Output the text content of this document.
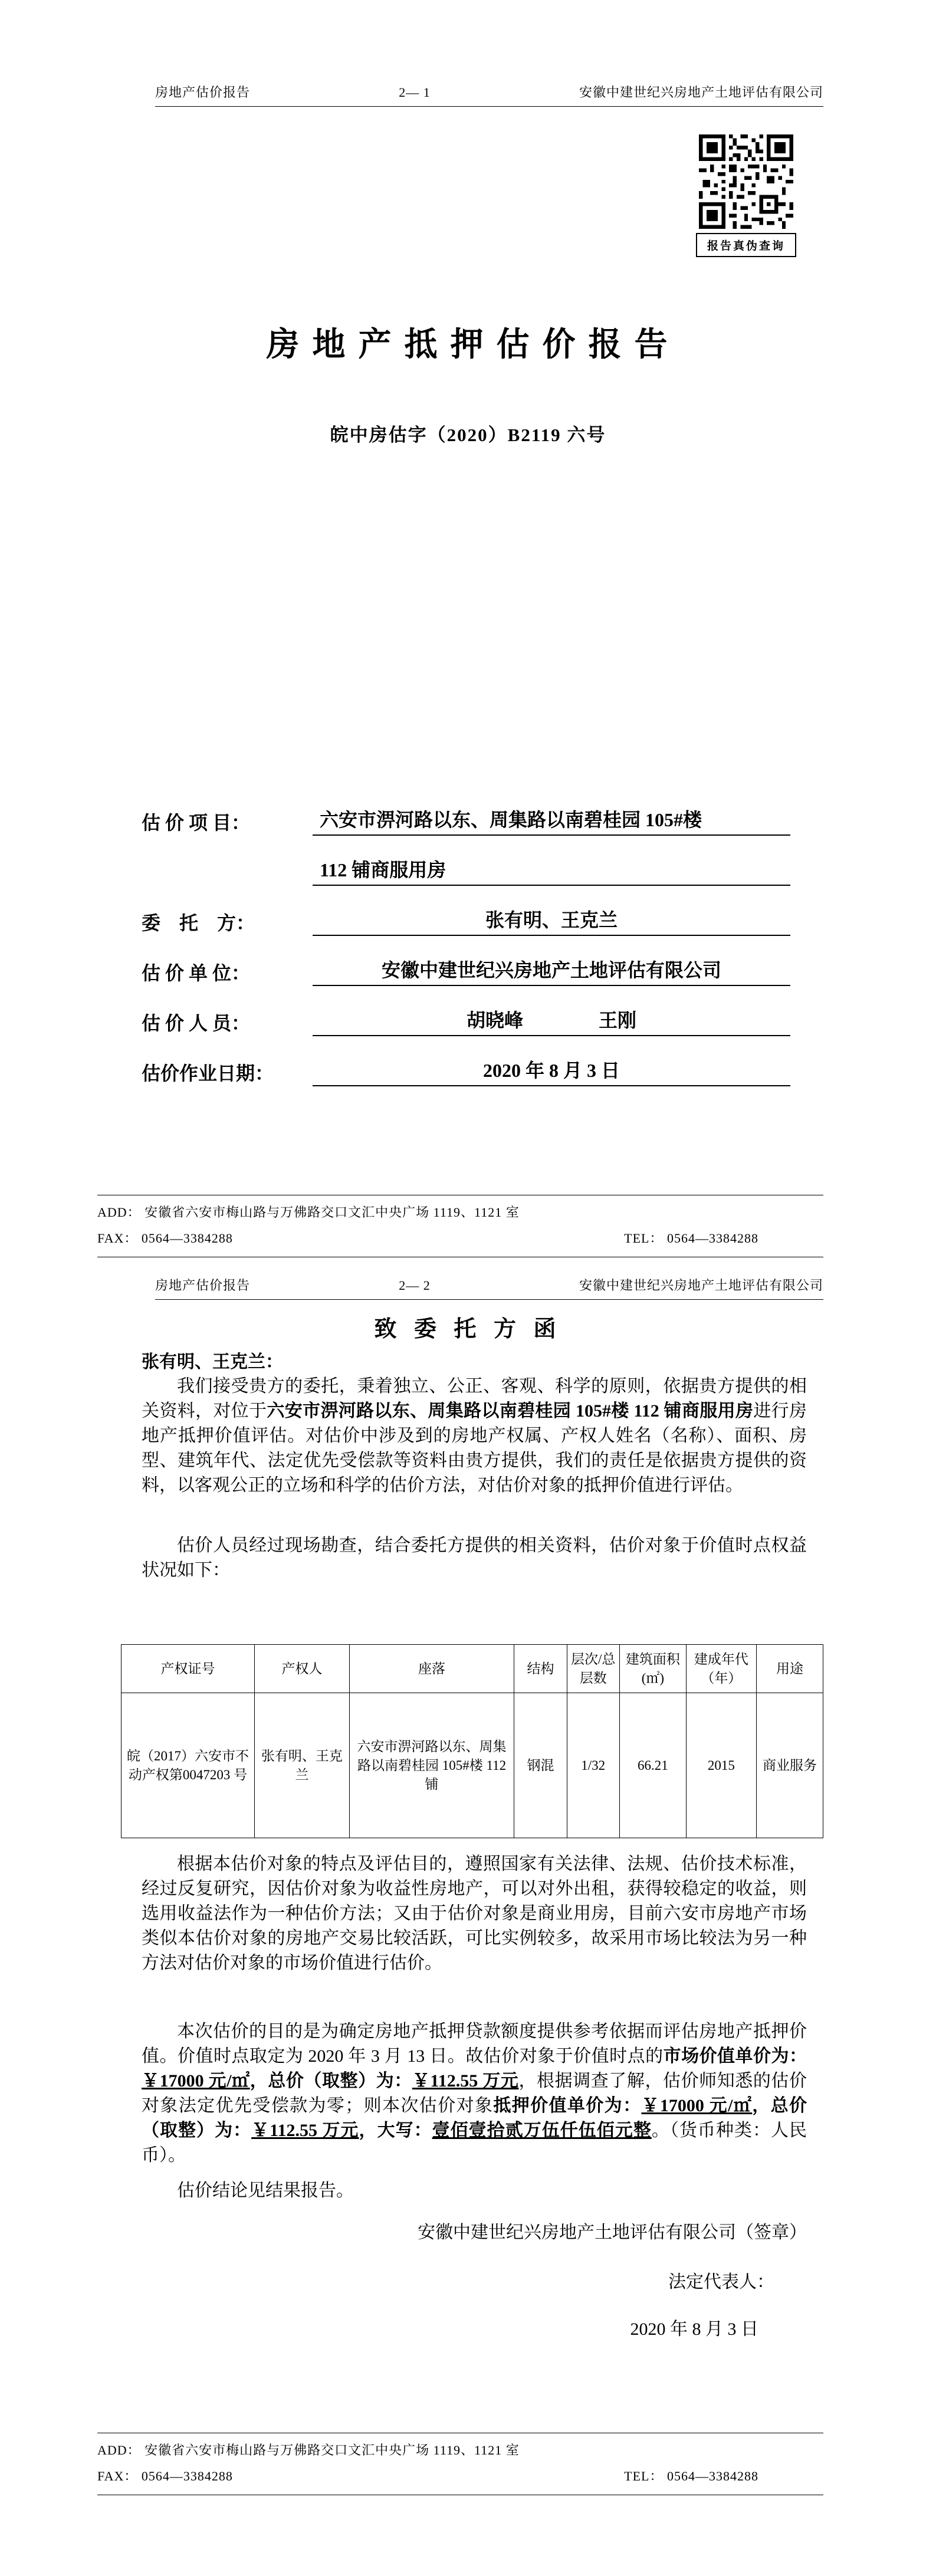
房地产估价报告	2— 1	安徽中建世纪兴房地产土地评估有限公司
报告真伪查询
房 地 产 抵 押 估 价 报 告
皖中房估字（2020）B2119 六号
估 价 项 目：	六安市淠河路以东、周集路以南碧桂园 105#楼
112 铺商服用房
委    托    方：	张有明、王克兰
估 价 单 位：	安徽中建世纪兴房地产土地评估有限公司
估 价 人 员：	胡晓峰　　　　王刚
估价作业日期：	2020 年 8 月 3 日
ADD： 安徽省六安市梅山路与万佛路交口文汇中央广场 1119、1121 室
FAX： 0564—3384288	TEL： 0564—3384288
房地产估价报告	2— 2	安徽中建世纪兴房地产土地评估有限公司
致 委 托 方 函
张有明、王克兰：

我们接受贵方的委托，秉着独立、公正、客观、科学的原则，依据贵方提供的相关资料，对位于六安市淠河路以东、周集路以南碧桂园 105#楼 112 铺商服用房进行房地产抵押价值评估。对估价中涉及到的房地产权属、产权人姓名（名称）、面积、房型、建筑年代、法定优先受偿款等资料由贵方提供，我们的责任是依据贵方提供的资料，以客观公正的立场和科学的估价方法，对估价对象的抵押价值进行评估。

估价人员经过现场勘查，结合委托方提供的相关资料，估价对象于价值时点权益状况如下：

产权证号	产权人	座落	结构	层次/总层数	建筑面积(㎡)	建成年代（年）	用途
皖（2017）六安市不动产权第0047203 号	张有明、王克兰	六安市淠河路以东、周集路以南碧桂园 105#楼 112 铺	钢混	1/32	66.21	2015	商业服务

根据本估价对象的特点及评估目的，遵照国家有关法律、法规、估价技术标准，经过反复研究，因估价对象为收益性房地产，可以对外出租，获得较稳定的收益，则选用收益法作为一种估价方法；又由于估价对象是商业用房，目前六安市房地产市场类似本估价对象的房地产交易比较活跃，可比实例较多，故采用市场比较法为另一种方法对估价对象的市场价值进行估价。

本次估价的目的是为确定房地产抵押贷款额度提供参考依据而评估房地产抵押价值。价值时点取定为 2020 年 3 月 13 日。故估价对象于价值时点的市场价值单价为：￥17000 元/㎡，总价（取整）为：￥112.55 万元，根据调查了解，估价师知悉的估价对象法定优先受偿款为零；则本次估价对象抵押价值单价为：￥17000 元/㎡，总价（取整）为：￥112.55 万元，大写：壹佰壹拾贰万伍仟伍佰元整。（货币种类：人民币）。

估价结论见结果报告。

安徽中建世纪兴房地产土地评估有限公司（签章）
法定代表人：
2020 年 8 月 3 日
ADD： 安徽省六安市梅山路与万佛路交口文汇中央广场 1119、1121 室
FAX： 0564—3384288	TEL： 0564—3384288
